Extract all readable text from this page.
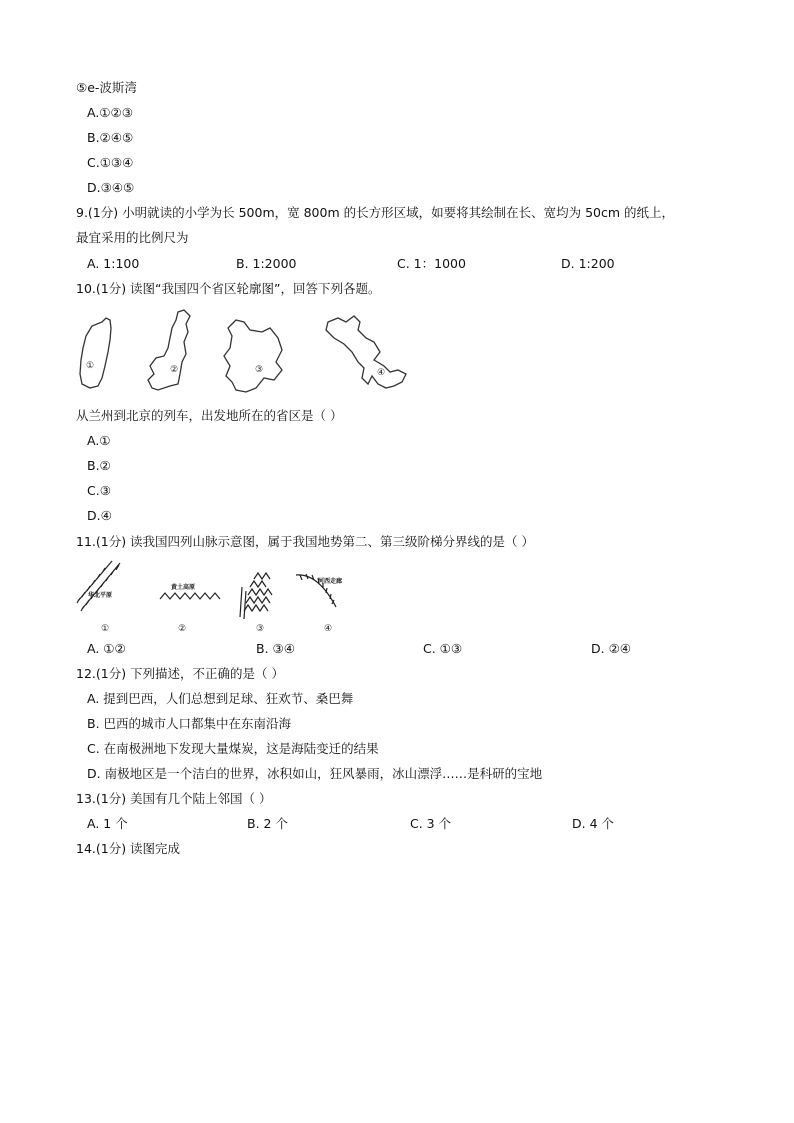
⑤e-波斯湾
A.①②③
B.②④⑤
C.①③④
D.③④⑤
9.(1分) 小明就读的小学为长 500m，宽 800m 的长方形区域，如要将其绘制在长、宽均为 50cm 的纸上，
最宜采用的比例尺为
A. 1:100	B. 1:2000	C. 1：1000	D. 1:200
10.(1分) 读图“我国四个省区轮廓图”，回答下列各题。
①	②	③	④
从兰州到北京的列车，出发地所在的省区是（ ）
A.①
B.②
C.③
D.④
11.(1分) 读我国四列山脉示意图，属于我国地势第二、第三级阶梯分界线的是（ ）
华北平原
①
黄土高原
②	③
河西走廊
④
A. ①②	B. ③④	C. ①③	D. ②④
12.(1分) 下列描述，不正确的是（ ）
A. 提到巴西，人们总想到足球、狂欢节、桑巴舞
B. 巴西的城市人口都集中在东南沿海
C. 在南极洲地下发现大量煤炭，这是海陆变迁的结果
D. 南极地区是一个洁白的世界，冰积如山，狂风暴雨，冰山漂浮……是科研的宝地
13.(1分) 美国有几个陆上邻国（ ）
A. 1 个	B. 2 个	C. 3 个	D. 4 个
14.(1分) 读图完成
